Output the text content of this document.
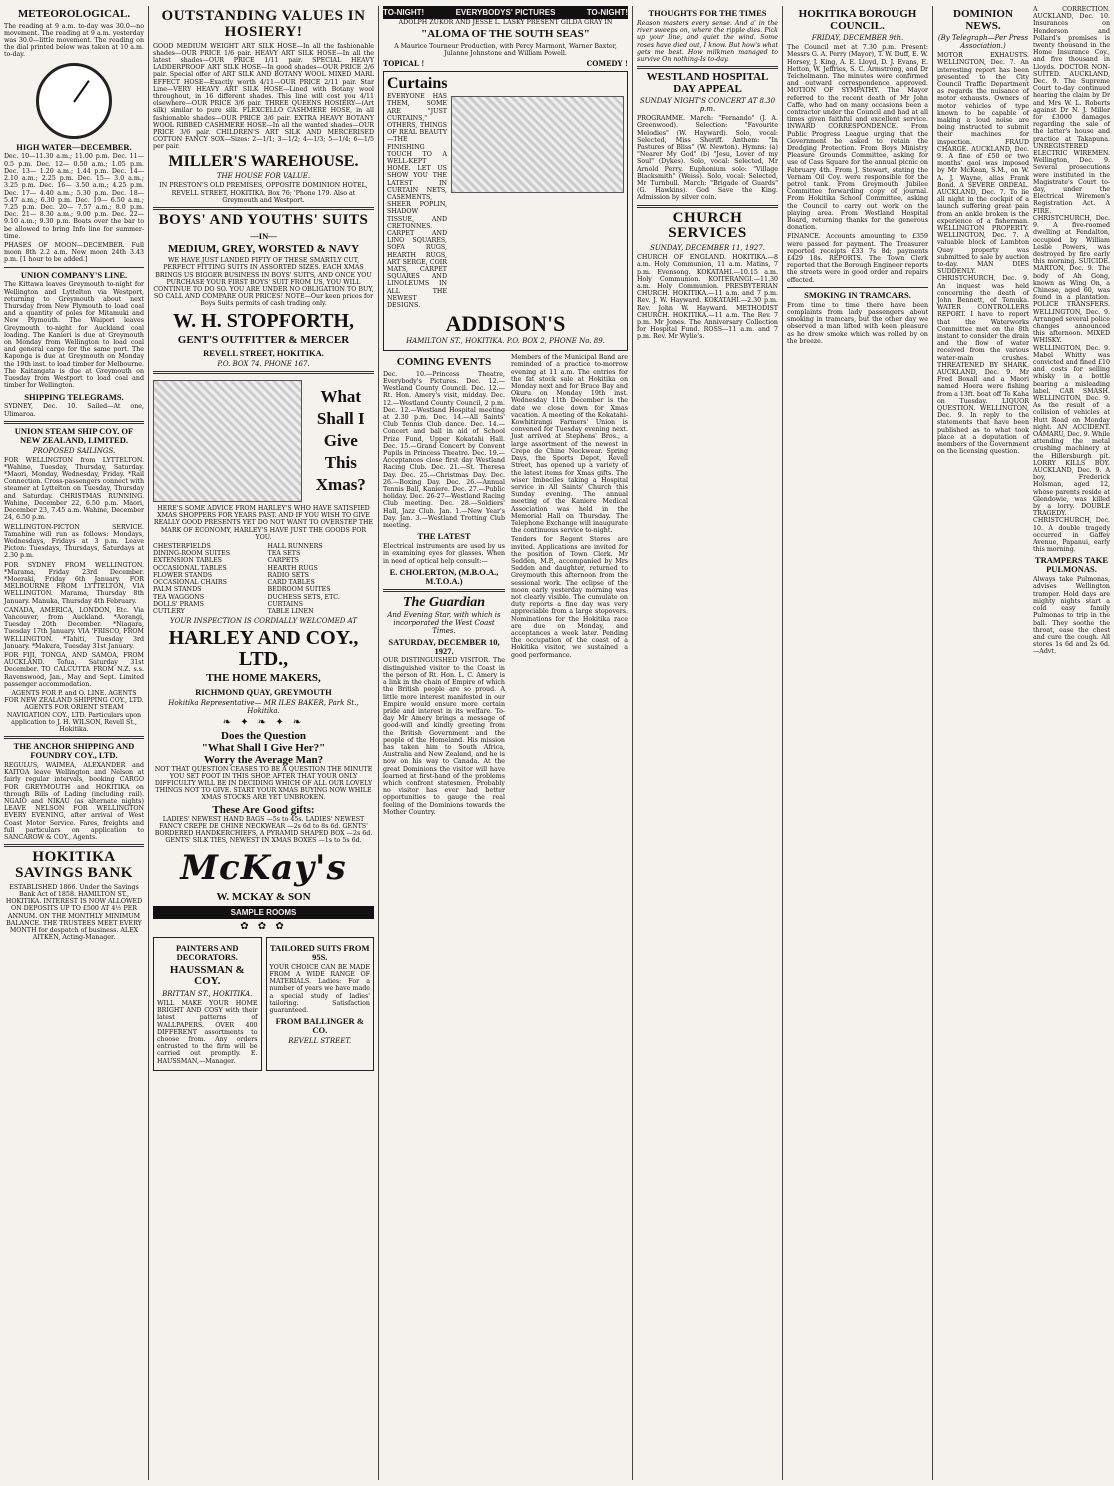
METEOROLOGICAL.

The reading at 9 a.m. to-day was 30.0—no movement. The reading at 9 a.m. yesterday was 30.0—little movement. The reading on the dial printed below was taken at 10 a.m. to-day.

HIGH WATER—DECEMBER.

Dec. 10—11.30 a.m.; 11.00 p.m. Dec. 11— 0.5 p.m. Dec. 12— 0.50 a.m.; 1.05 p.m. Dec. 13— 1.20 a.m.; 1.44 p.m. Dec. 14— 2.10 a.m.; 2.25 p.m. Dec. 15— 3.0 a.m.; 3.25 p.m. Dec. 16— 3.50 a.m.; 4.25 p.m. Dec. 17— 4.40 a.m.; 5.30 p.m. Dec. 18— 5.47 a.m.; 6.30 p.m. Dec. 19— 6.50 a.m.; 7.25 p.m. Dec. 20— 7.57 a.m.; 8.0 p.m. Dec. 21— 8.30 a.m.; 9.00 p.m. Dec. 22— 9.10 a.m.; 9.30 p.m. Boats over the bar to be allowed to bring Info line for summer-time.

PHASES OF MOON—DECEMBER. Full moon 8th 2.2 a.m. New moon 24th 3.43 p.m. [1 hour to be added.]

UNION COMPANY'S LINE.

The Kittawa leaves Greymouth to-night for Wellington and Lyttelton via Westport, returning to Greymouth about next Thursday from New Plymouth to load coal and a quantity of poles for Mitamuki and New Plymouth. The Waipori leaves Greymouth to-night for Auckland coal loading. The Kanieri is due at Greymouth on Monday from Wellington to load coal and general cargo for the same port. The Kaponga is due at Greymouth on Monday the 19th inst. to load timber for Melbourne. The Kaitangata is due at Greymouth on Tuesday from Westport to load coal and timber for Wellington.

SHIPPING TELEGRAMS.

SYDNEY, Dec. 10. Sailed—At one, Ulimaroa.

UNION STEAM SHIP COY. OF NEW ZEALAND, LIMITED.
PROPOSED SAILINGS.

FOR WELLINGTON from LYTTELTON. *Wahine, Tuesday, Thursday, Saturday. *Maori, Monday, Wednesday, Friday. *Rail Connection. Cross-passengers connect with steamer at Lyttelton on Tuesday, Thursday and Saturday. CHRISTMAS RUNNING. Wahine, December 22, 6.50 p.m. Maori, December 23, 7.45 a.m. Wahine, December 24, 6.50 p.m.

WELLINGTON-PICTON SERVICE. Tamahine will run as follows: Mondays, Wednesdays, Fridays at 3 p.m. Leave Picton: Tuesdays, Thursdays, Saturdays at 2.30 p.m.

FOR SYDNEY FROM WELLINGTON. *Marama, Friday 23rd December. *Moeraki, Friday 6th January. FOR MELBOURNE FROM LYTTELTON, VIA WELLINGTON. Marama, Thursday 8th January. Manuka, Thursday 4th February.

CANADA, AMERICA, LONDON, Etc. Via Vancouver, from Auckland. *Aorangi, Tuesday 20th December. *Niagara, Tuesday 17th January. VIA 'FRISCO, FROM WELLINGTON. *Tahiti, Tuesday 3rd January. *Makura, Tuesday 31st January.

FOR FIJI, TONGA, AND SAMOA, FROM AUCKLAND. Tofua, Saturday 31st December. TO CALCUTTA FROM N.Z. s.s. Ravenswood, Jan., May and Sept. Limited passenger accommodation.

AGENTS FOR P. and O. LINE. AGENTS FOR NEW ZEALAND SHIPPING COY., LTD. AGENTS FOR ORIENT STEAM NAVIGATION COY., LTD. Particulars upon application to J. H. WILSON, Revell St., Hokitika.

THE ANCHOR SHIPPING AND FOUNDRY COY., LTD.

REGULUS, WAIMEA, ALEXANDER and KAITOA leave Wellington and Nelson at fairly regular intervals, booking CARGO FOR GREYMOUTH and HOKITIKA on through Bills of Lading (including rail). NGAIO and NIKAU (as alternate nights) LEAVE NELSON FOR WELLINGTON EVERY EVENING, after arrival of West Coast Motor Service. Fares, freights and full particulars on application to SANCAROW & COY., Agents.

HOKITIKA SAVINGS BANK

ESTABLISHED 1866. Under the Savings Bank Act of 1858. HAMILTON ST., HOKITIKA. INTEREST IS NOW ALLOWED ON DEPOSITS UP TO £500 AT 4½ PER ANNUM. ON THE MONTHLY MINIMUM BALANCE. THE TRUSTEES MEET EVERY MONTH for despatch of business. ALEX AITKEN, Acting-Manager.

OUTSTANDING VALUES IN HOSIERY!

GOOD MEDIUM WEIGHT ART SILK HOSE—In all the fashionable shades—OUR PRICE 1/6 pair. HEAVY ART SILK HOSE—In all the latest shades—OUR PRICE 1/11 pair. SPECIAL HEAVY LADDERPROOF ART SILK HOSE—In good shades—OUR PRICE 2/6 pair. Special offer of ART SILK AND BOTANY WOOL MIXED MARL EFFECT HOSE—Exactly worth 4/11—OUR PRICE 2/11 pair. Star Line—VERY HEAVY ART SILK HOSE—Lined with Botany wool throughout, in 16 different shades. This line will cost you 4/11 elsewhere—OUR PRICE 3/6 pair. THREE QUEENS HOSIERY—(Art silk) similar to pure silk. FLEXCELLO CASHMERE HOSE, in all fashionable shades—OUR PRICE 3/6 pair. EXTRA HEAVY BOTANY WOOL RIBBED CASHMERE HOSE—In all the wanted shades—OUR PRICE 3/6 pair. CHILDREN'S ART SILK AND MERCERISED COTTON FANCY SOX—Sizes: 2—1/1; 3—1/2; 4—1/3; 5—1/4; 6—1/5 per pair.

MILLER'S WAREHOUSE.
THE HOUSE FOR VALUE.

IN PRESTON'S OLD PREMISES, OPPOSITE DOMINION HOTEL, REVELL STREET, HOKITIKA. Box 76; 'Phone 179. Also at Greymouth and Westport.

BOYS' AND YOUTHS' SUITS
—IN—
MEDIUM, GREY, WORSTED & NAVY

WE HAVE JUST LANDED FIFTY OF THESE SMARTLY CUT, PERFECT FITTING SUITS IN ASSORTED SIZES. EACH XMAS BRINGS US BIGGER BUSINESS IN BOYS' SUITS, AND ONCE YOU PURCHASE YOUR FIRST BOYS' SUIT FROM US, YOU WILL CONTINUE TO DO SO. YOU ARE UNDER NO OBLIGATION TO BUY, SO CALL AND COMPARE OUR PRICES! NOTE—Our keen prices for Boys Suits permits of cash trading only.

W. H. STOPFORTH,
GENT'S OUTFITTER & MERCER
REVELL STREET, HOKITIKA.
P.O. BOX 74. PHONE 167.
What Shall I Give This Xmas?

HERE'S SOME ADVICE FROM HARLEY'S WHO HAVE SATISFIED XMAS SHOPPERS FOR YEARS PAST. AND IF YOU WISH TO GIVE REALLY GOOD PRESENTS YET DO NOT WANT TO OVERSTEP THE MARK OF ECONOMY, HARLEY'S HAVE JUST THE GOODS FOR YOU.

CHESTERFIELDS
DINING-ROOM SUITES
EXTENSION TABLES
OCCASIONAL TABLES
FLOWER STANDS
OCCASIONAL CHAIRS
PALM STANDS
TEA WAGGONS
DOLLS' PRAMS
CUTLERY
HALL RUNNERS
TEA SETS
CARPETS
HEARTH RUGS
RADIO SETS
CARD TABLES
BEDROOM SUITES
DUCHESS SETS, ETC.
CURTAINS
TABLE LINEN
YOUR INSPECTION IS CORDIALLY WELCOMED AT
HARLEY AND COY., LTD.,
THE HOME MAKERS,
RICHMOND QUAY, GREYMOUTH
Hokitika Representative— MR ILES BAKER, Park St., Hokitika.
❧ ✦ ❧ ✦ ❧
Does the Question
"What Shall I Give Her?"
Worry the Average Man?

NOT THAT QUESTION CEASES TO BE A QUESTION THE MINUTE YOU SET FOOT IN THIS SHOP. AFTER THAT YOUR ONLY DIFFICULTY WILL BE IN DECIDING WHICH OF ALL OUR LOVELY THINGS NOT TO GIVE. START YOUR XMAS BUYING NOW WHILE XMAS STOCKS ARE YET UNBROKEN.

These Are Good gifts:

LADIES' NEWEST HAND BAGS —5s to 45s. LADIES' NEWEST FANCY CREPE DE CHINE NECKWEAR —2s 6d to 8s 6d. GENTS' BORDERED HANDKERCHIEFS, A PYRAMID SHAPED BOX —2s 6d. GENTS' SILK TIES, NEWEST IN XMAS BOXES —1s to 5s 6d.

McKay's
W. MCKAY & SON
SAMPLE ROOMS
✿ ✿ ✿
PAINTERS AND DECORATORS.
HAUSSMAN & COY.
BRITTAN ST., HOKITIKA.

WILL MAKE YOUR HOME BRIGHT AND COSY with their latest patterns of WALLPAPERS. OVER 400 DIFFERENT assortments to choose from. Any orders entrusted to the firm will be carried out promptly. E. HAUSSMAN,—Manager.

TAILORED SUITS FROM 95S.

YOUR CHOICE CAN BE MADE FROM A WIDE RANGE OF MATERIALS. Ladies: For a number of years we have made a special study of ladies' tailoring. Satisfaction guaranteed.

FROM BALLINGER & CO.
REVELL STREET.
TO-NIGHT!	EVERYBODYS' PICTURES	TO-NIGHT!

ADOLPH ZUKOR AND JESSE L. LASKY PRESENT GILDA GRAY IN

"ALOMA OF THE SOUTH SEAS"

A Maurice Tourneur Production, with Percy Marmont, Warner Baxter, Julanne Johnstone and William Powell.

TOPICAL !	COMEDY !
Curtains

EVERYONE HAS THEM, SOME ARE "JUST CURTAINS," OTHERS, THINGS OF REAL BEAUTY—THE FINISHING TOUCH TO A WELL-KEPT HOME. LET US SHOW YOU THE LATEST IN CURTAIN NETS, CASEMENTS, SHEER POPLIN, SHADOW TISSUE, AND CRETONNES. CARPET AND LINO SQUARES, SOFA RUGS, HEARTH RUGS, ART SERGE, COIR MATS, CARPET SQUARES AND LINOLEUMS IN ALL THE NEWEST DESIGNS.

ADDISON'S
HAMILTON ST., HOKITIKA. P.O. BOX 2, PHONE No. 89.
COMING EVENTS

Dec. 10.—Princess Theatre, Everybody's Pictures. Dec. 12.—Westland County Council. Dec. 12.—Rt. Hon. Amery's visit, midday. Dec. 12.—Westland County Council, 2 p.m. Dec. 12.—Westland Hospital meeting at 2.30 p.m. Dec. 14.—All Saints' Club Tennis Club dance. Dec. 14.—Concert and ball in aid of School Prize Fund, Upper Kokatahi Hall. Dec. 15.—Grand Concert by Convent Pupils in Princess Theatre. Dec. 19.—Acceptances close first day Westland Racing Club. Dec. 21.—St. Theresa Day. Dec. 25.—Christmas Day. Dec. 26.—Boxing Day. Dec. 26.—Annual Tennis Ball, Kaniere. Dec. 27.—Public holiday. Dec. 26-27—Westland Racing Club meeting. Dec. 28.—Soldiers' Hall, Jazz Club. Jan. 1.—New Year's Day. Jan. 3.—Westland Trotting Club meeting.

THE LATEST

Electrical instruments are used by us in examining eyes for glasses. When in need of optical help consult:—

E. CHOLERTON, (M.B.O.A., M.T.O.A.)
The Guardian
And Evening Star, with which is incorporated the West Coast Times.
SATURDAY, DECEMBER 10, 1927.

OUR DISTINGUISHED VISITOR. The distinguished visitor to the Coast in the person of Rt. Hon. L. C. Amery is a link in the chain of Empire of which the British people are so proud. A little more interest manifested in our Empire would ensure more certain pride and interest in its welfare. To-day Mr Amery brings a message of good-will and kindly greeting from the British Government and the people of the Homeland. His mission has taken him to South Africa, Australia and New Zealand, and he is now on his way to Canada. At the great Dominions the visitor will have learned at first-hand of the problems which confront statesmen. Probably no visitor has ever had better opportunities to gauge the real feeling of the Dominions towards the Mother Country.

Members of the Municipal Band are reminded of a practice to-morrow evening at 11 a.m. The entries for the fat stock sale at Hokitika on Monday next and for Bruce Bay and Okuru on Monday 19th inst. Wednesday 11th December is the date we close down for Xmas vacation. A meeting of the Kokatahi-Kowhitirangi Farmers' Union is convened for Tuesday evening next. Just arrived at Stephens' Bros., a large assortment of the newest in Crepe de Chine Neckwear. Spring Days, the Sports Depot, Revell Street, has opened up a variety of the latest items for Xmas gifts. The wiser Imbeciles taking a Hospital service in All Saints' Church this Sunday evening. The annual meeting of the Kaniere Medical Association was held in the Memorial Hall on Thursday. The Telephone Exchange will inaugurate the continuous service to-night.

Tenders for Regent Stores are invited. Applications are invited for the position of Town Clerk. Mr Sedden, M.P., accompanied by Mrs Sedden and daughter, returned to Greymouth this afternoon from the sessional work. The eclipse of the moon early yesterday morning was not clearly visible. The cumulate on duty reports a fine day was very appreciable from a large stopovers. Nominations for the Hokitika race are due on Monday, and acceptances a week later. Pending the occupation of the coast of a Hokitika visitor, we sustained a good performance.

THOUGHTS FOR THE TIMES

Reason masters every sense. And a' in the river sweeps on, where the ripple dies. Pick up your line, and quiet the wind. Some roses have died out, I know. But how's what gets me best. How milkmen managed to survive On nothing-Is to-day.

WESTLAND HOSPITAL DAY APPEAL
SUNDAY NIGHT'S CONCERT AT 8.30 p.m.

PROGRAMME. March: "Fernando" (J. A. Greenwood). Selection: "Favourite Melodies" (W. Hayward). Solo, vocal: Selected, Miss Sheriff. Anthem: "In Pastures of Bliss" (W. Newton). Hymns: (a) "Nearer My God" (b) "Jesu, Lover of my Soul" (Dykes). Solo, vocal: Selected, Mr Arnold Perry. Euphonium solo: "Village Blacksmith" (Weiss). Solo, vocal: Selected, Mr Turnbull. March: "Brigade of Guards" (G. Hawkins). God Save the King. Admission by silver coin.

CHURCH SERVICES
SUNDAY, DECEMBER 11, 1927.

CHURCH OF ENGLAND. HOKITIKA.—8 a.m. Holy Communion, 11 a.m. Matins, 7 p.m. Evensong. KOKATAHI.—10.15 a.m. Holy Communion. KOITERANGI.—11.30 a.m. Holy Communion. PRESBYTERIAN CHURCH. HOKITIKA.—11 a.m. and 7 p.m. Rev. J. W. Hayward. KOKATAHI.—2.30 p.m. Rev. John W. Hayward. METHODIST CHURCH. HOKITIKA.—11 a.m. The Rev. 7 p.m. Mr Jones. The Anniversary Collection for Hospital Fund. ROSS—11 a.m. and 7 p.m. Rev. Mr Wylie's.

HOKITIKA BOROUGH COUNCIL.
FRIDAY, DECEMBER 9th.

The Council met at 7.30 p.m. Present: Messrs G. A. Perry (Mayor), T. W. Duff, E. W. Horsey, J. King, A. E. Lloyd, D. J. Evans, E. Hetton, W. Jeffries, S. C. Armstrong, and Dr Teichelmann. The minutes were confirmed and outward correspondence approved. MOTION OF SYMPATHY. The Mayor referred to the recent death of Mr John Caffe, who had on many occasions been a contractor under the Council and had at all times given faithful and excellent service. INWARD CORRESPONDENCE. From Public Progress League urging that the Government be asked to retain the Dredging Protection. From Boys Ministry Pleasure Grounds Committee, asking for use of Cass Square for the annual picnic on February 4th. From J. Stewart, stating the Vernam Oil Coy. were responsible for the petrol tank. From Greymouth Jubilee Committee forwarding copy of journal. From Hokitika School Committee, asking the Council to carry out work on the playing area. From Westland Hospital Board, returning thanks for the generous donation.

FINANCE. Accounts amounting to £359 were passed for payment. The Treasurer reported receipts £33 7s 8d; payments £429 18s. REPORTS. The Town Clerk reported that the Borough Engineer reports the streets were in good order and repairs effected.

SMOKING IN TRAMCARS.

From time to time there have been complaints from lady passengers about smoking in tramcars, but the other day we observed a man lifted with keen pleasure as he drew smoke which was rolled by on the breeze.

DOMINION NEWS.
(By Telegraph—Per Press Association.)

MOTOR EXHAUSTS. WELLINGTON, Dec. 7. An interesting report has been presented to the City Council Traffic Department as regards the nuisance of motor exhausts. Owners of motor vehicles of type known to be capable of making a loud noise are being instructed to submit their machines for inspection. FRAUD CHARGE. AUCKLAND, Dec. 9. A fine of £50 or two months' gaol was imposed by Mr McKean, S.M., on W. A. J. Wayne, alias Frank Bond. A SEVERE ORDEAL. AUCKLAND, Dec. 7. To lie all night in the cockpit of a launch suffering great pain from an ankle broken is the experience of a fisherman. WELLINGTON PROPERTY. WELLINGTON, Dec. 7. A valuable block of Lambton Quay property was submitted to sale by auction to-day. MAN DIES SUDDENLY. CHRISTCHURCH, Dec. 9. An inquest was held concerning the death of John Bennett, of Temuka. WATER CONTROLLERS REPORT. I have to report that the Waterworks Committee met on the 8th instant to consider the drain and the flow of water received from the various water-main crushes. THREATENED BY SHARK. AUCKLAND, Dec. 9. Mr Fred Boxall and a Maori named Hoera were fishing from a 13ft. boat off Te Kaha on Tuesday. LIQUOR QUESTION. WELLINGTON, Dec. 9. In reply to the statements that have been published as to what took place at a deputation of members of the Government on the licensing question.

A CORRECTION. AUCKLAND, Dec. 10. Insurances on Henderson and Pollard's premises is twenty thousand in the Home Insurance Coy., and five thousand in Lloyds. DOCTOR NON-SUITED. AUCKLAND, Dec. 9. The Supreme Court to-day continued hearing the claim by Dr and Mrs W. L. Roberts against Dr N. J. Miller for £3000 damages regarding the sale of the latter's house and practice at Takapuna. UNREGISTERED ELECTRIC WIREMEN. Wellington, Dec. 9. Several prosecutions were instituted in the Magistrate's Court to-day, under the Electrical Wiremen's Registration Act. A FIRE. CHRISTCHURCH, Dec. 9. A five-roomed dwelling at Fendalton, occupied by William Leslie Powers, was destroyed by fire early this morning. SUICIDE. MARTON, Dec. 9. The body of Ah Gong, known as Wing On, a Chinese, aged 60, was found in a plantation. POLICE TRANSFERS. WELLINGTON, Dec. 9. Arranged several police changes announced this afternoon. MIXED WHISKY. WELLINGTON, Dec. 9. Mabel Whitty was convicted and fined £10 and costs for selling whisky in a bottle bearing a misleading label. CAR SMASH. WELLINGTON, Dec. 9. As the result of a collision of vehicles at Hutt Road on Monday night. AN ACCIDENT. OAMARU, Dec. 9. While attending the metal crushing machinery at the Hillersburgh pit. LORRY KILLS BOY. AUCKLAND, Dec. 9. A boy, Frederick Holsman, aged 12, whose parents reside at Glendowie, was killed by a lorry. DOUBLE TRAGEDY. CHRISTCHURCH, Dec. 10. A double tragedy occurred in Gaffey Avenue, Papanui, early this morning.

TRAMPERS TAKE PULMONAS.

Always take Pulmonas, advises Wellington tramper. Hold days are mighty nights start a cold easy family Pulmonas to trip in the ball. They soothe the throat, ease the chest and cure the cough. All stores 1s 6d and 2s 6d.—Advt.
